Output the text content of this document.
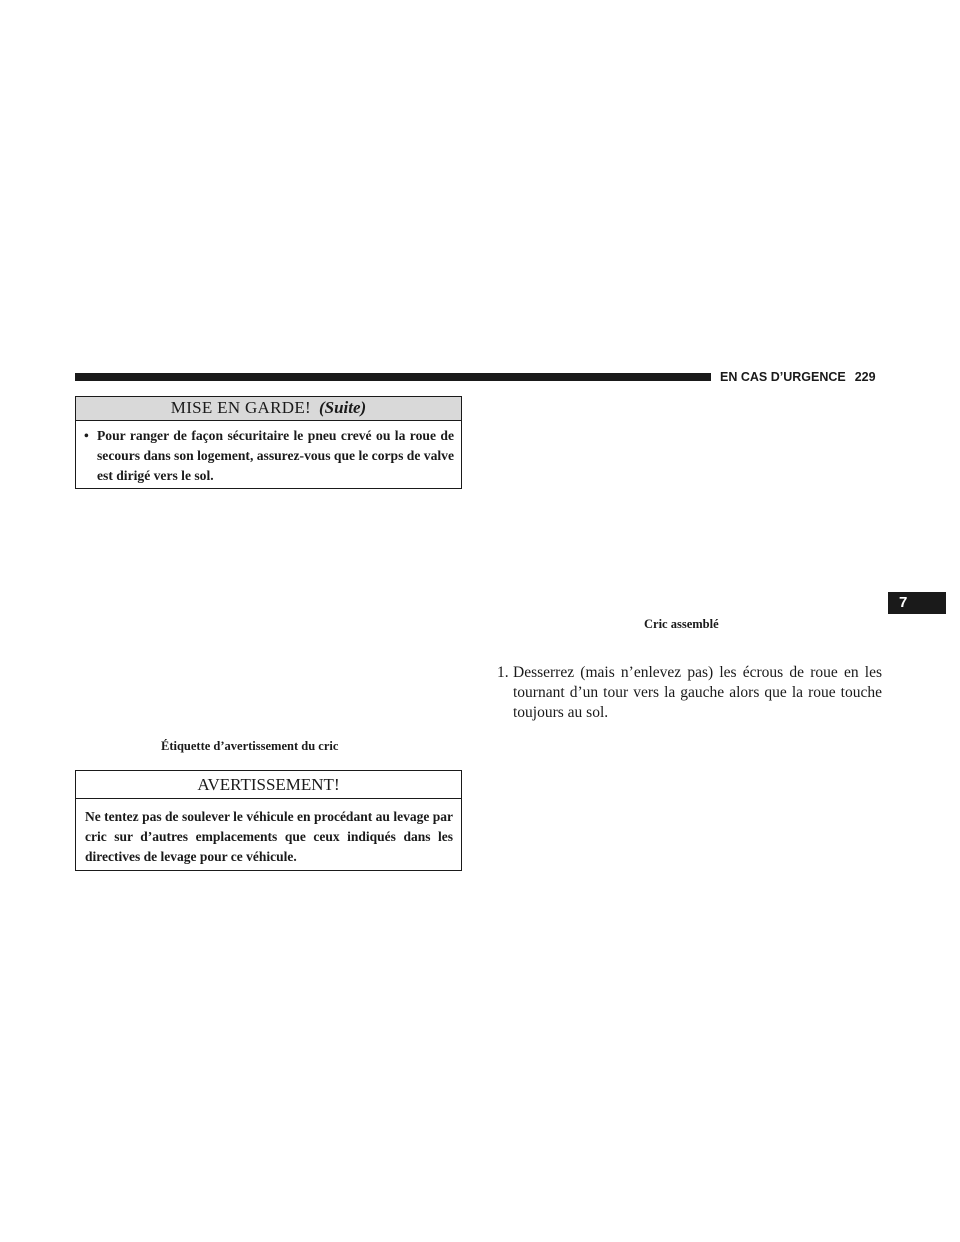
EN CAS D’URGENCE 229
7
MISE EN GARDE! (Suite)
• Pour ranger de façon sécuritaire le pneu crevé ou la roue de secours dans son logement, assurez-vous que le corps de valve est dirigé vers le sol.
Étiquette d’avertissement du cric
AVERTISSEMENT!
Ne tentez pas de soulever le véhicule en procédant au levage par cric sur d’autres emplacements que ceux indiqués dans les directives de levage pour ce véhicule.
Cric assemblé
1. Desserrez (mais n’enlevez pas) les écrous de roue en les tournant d’un tour vers la gauche alors que la roue touche toujours au sol.
